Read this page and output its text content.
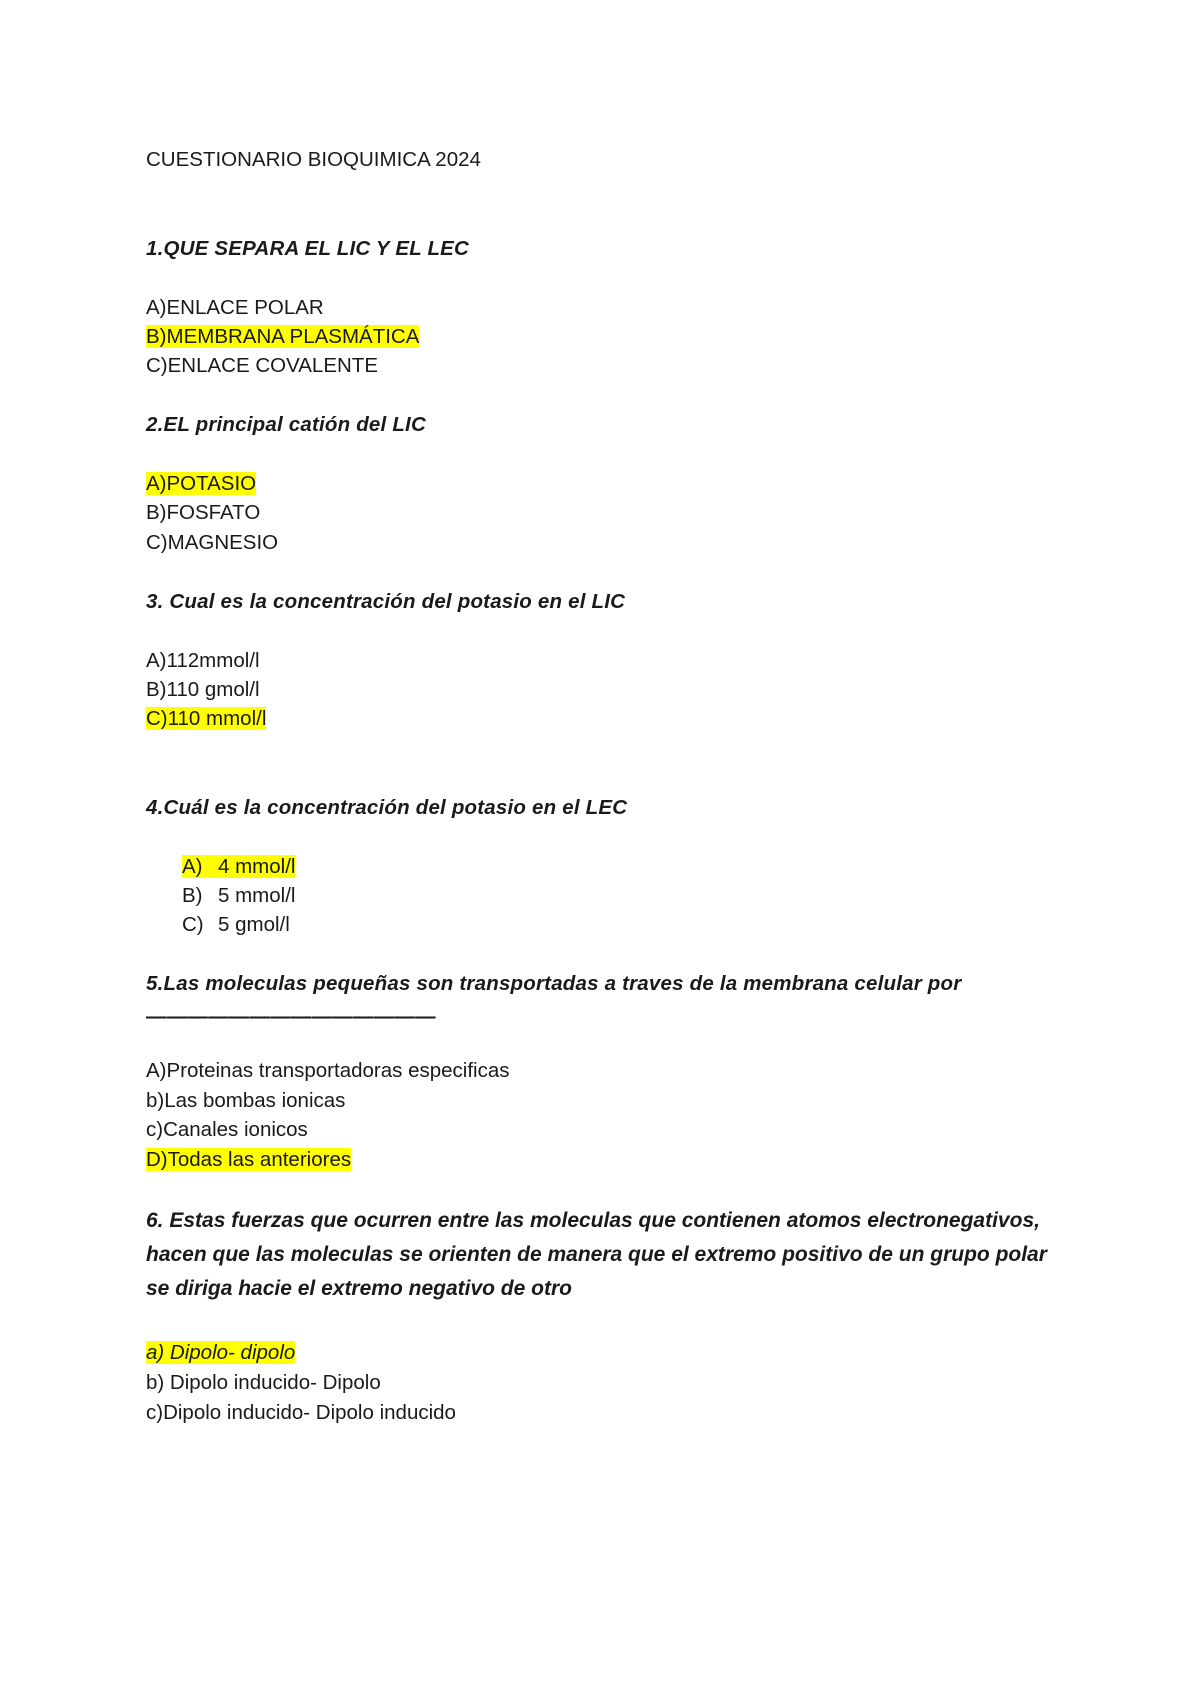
CUESTIONARIO BIOQUIMICA 2024
1.QUE SEPARA EL LIC Y EL LEC
A)ENLACE POLAR
B)MEMBRANA PLASMÁTICA
C)ENLACE COVALENTE
2.EL principal catión del LIC
A)POTASIO
B)FOSFATO
C)MAGNESIO
3. Cual es la concentración del potasio en el LIC
A)112mmol/l
B)110 gmol/l
C)110 mmol/l
4.Cuál es la concentración del potasio en el LEC
A) 4 mmol/l
B) 5 mmol/l
C) 5 gmol/l
5.Las moleculas pequeñas son transportadas a traves de la membrana celular por
——————————————
A)Proteinas transportadoras especificas
b)Las bombas ionicas
c)Canales ionicos
D)Todas las anteriores
6. Estas fuerzas que ocurren entre las moleculas que contienen atomos electronegativos, hacen que las moleculas se orienten de manera que el extremo positivo de un grupo polar se diriga hacie el extremo negativo de otro
a) Dipolo- dipolo
b) Dipolo inducido- Dipolo
c)Dipolo inducido- Dipolo inducido
